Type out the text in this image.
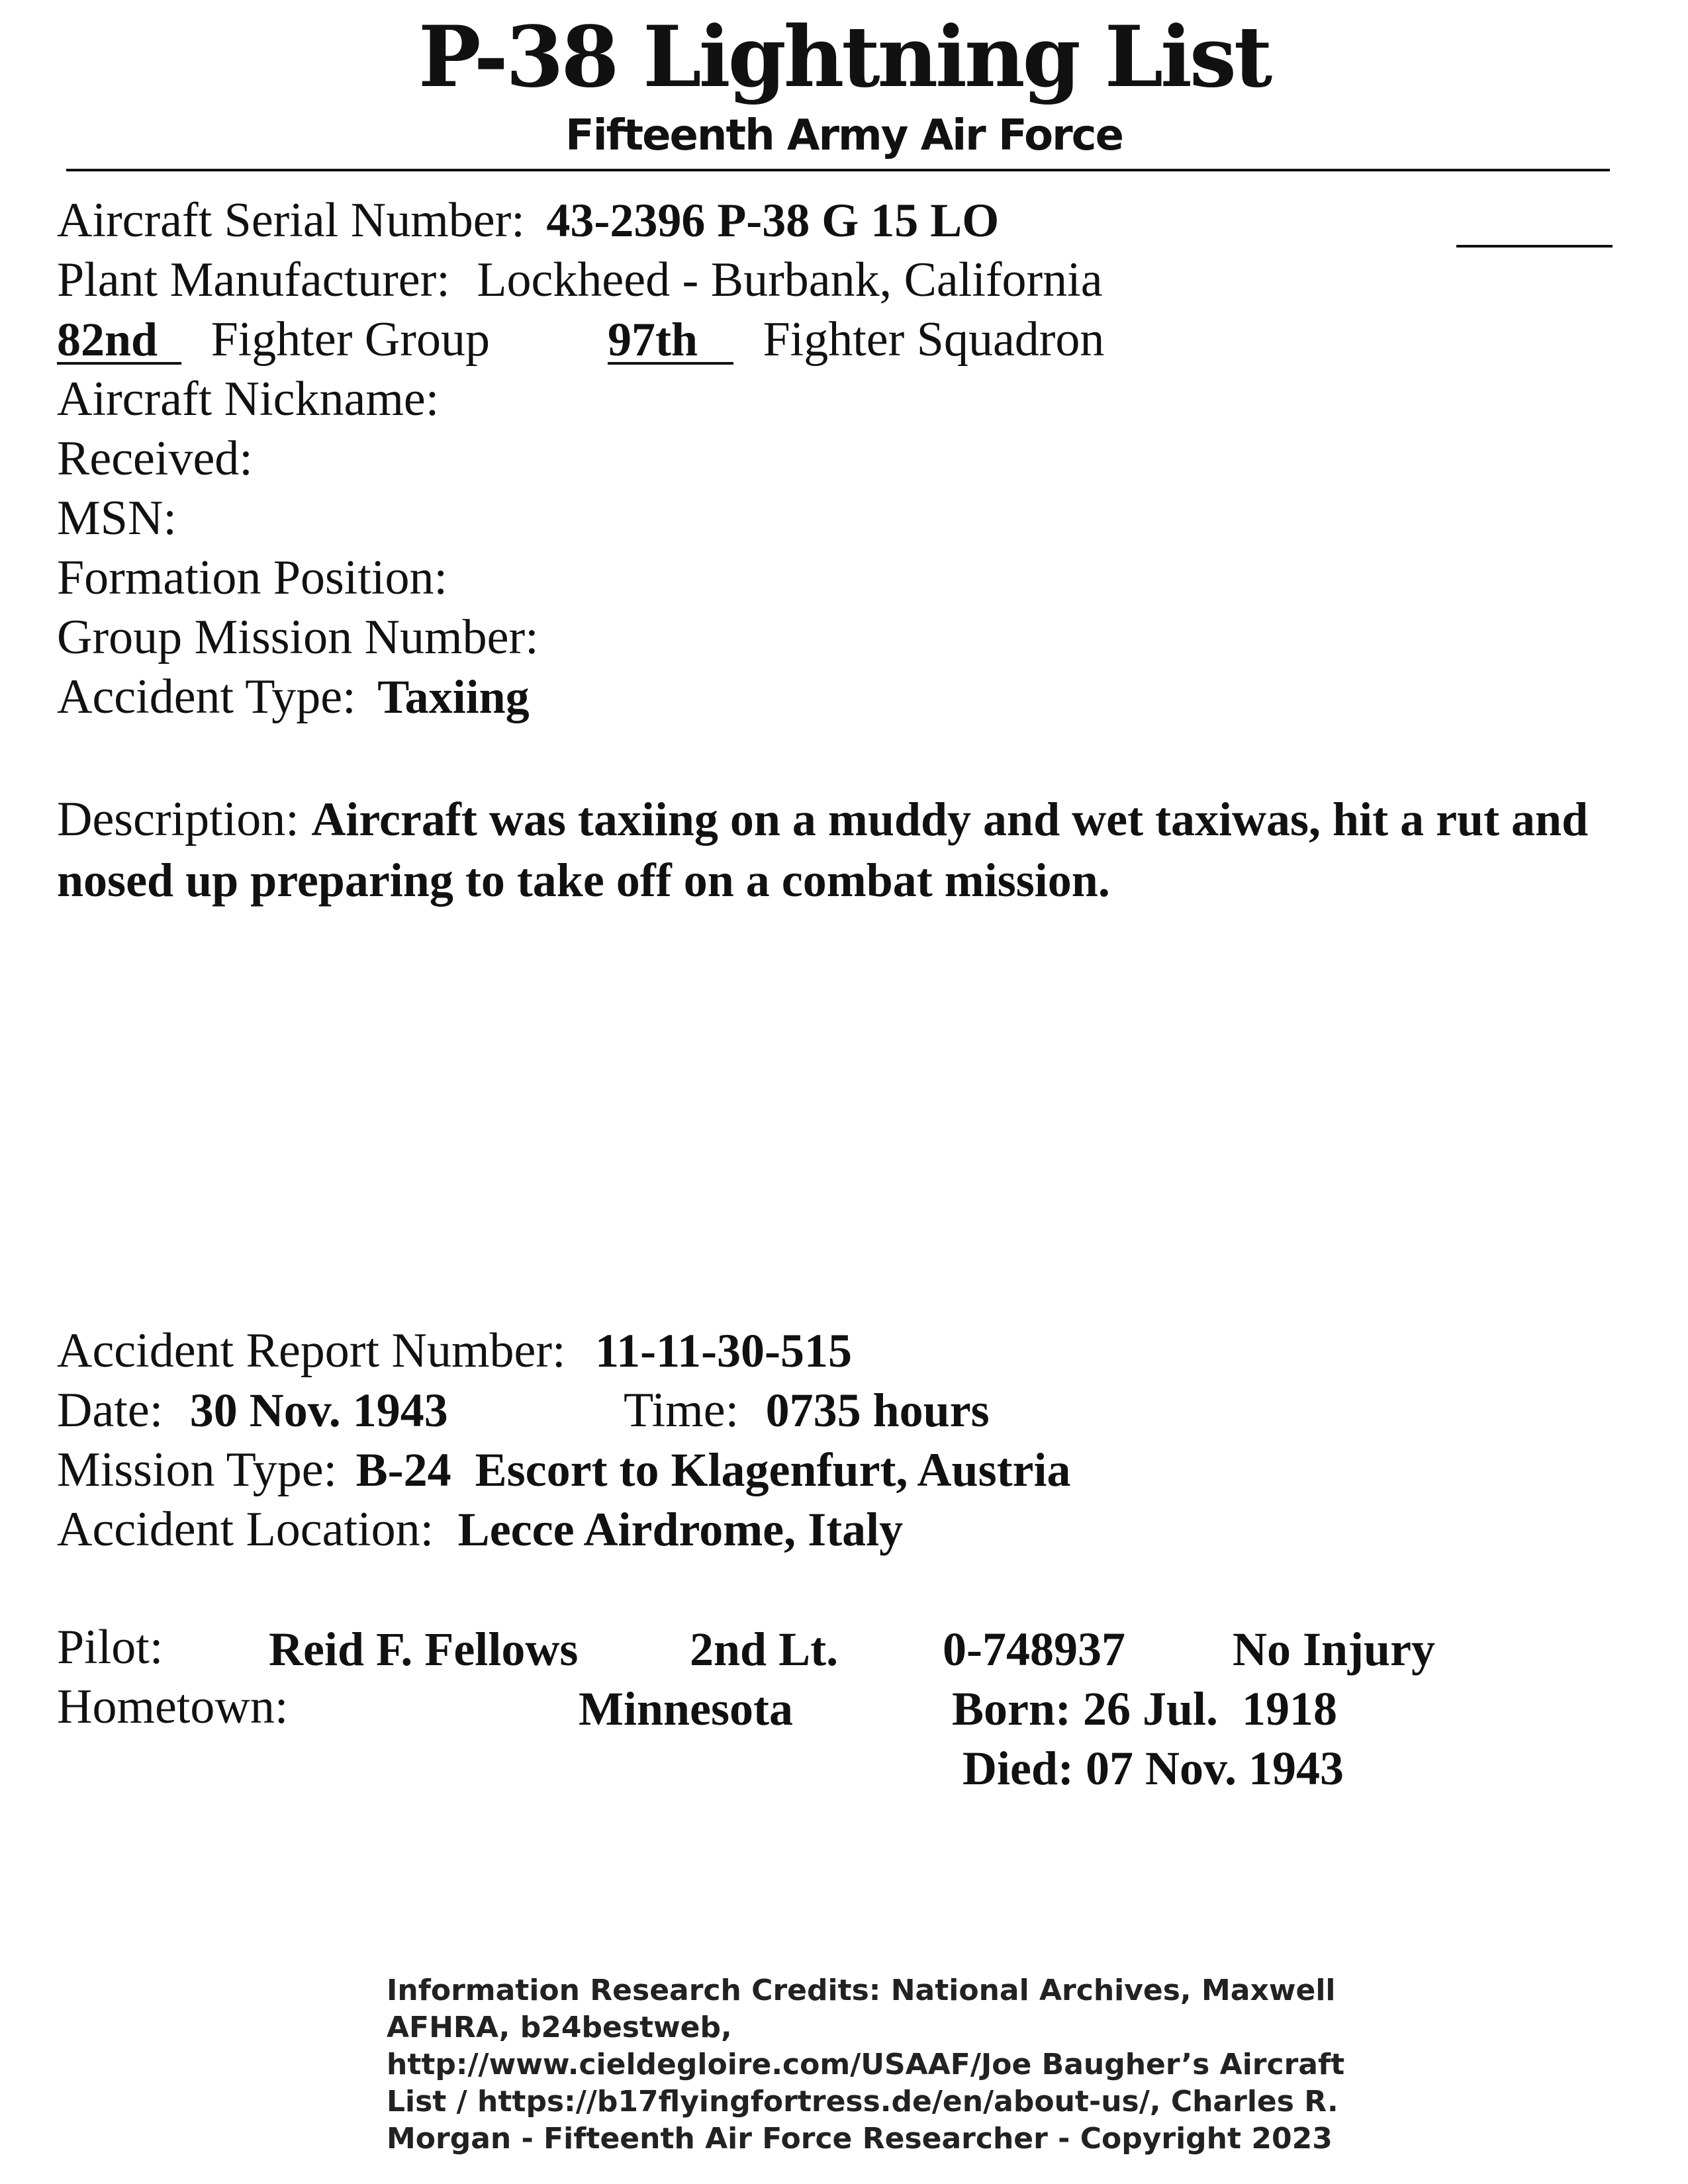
P-38 Lightning List
Fifteenth Army Air Force
Aircraft Serial Number: 43-2396 P-38 G 15 LO
Plant Manufacturer: Lockheed - Burbank, California
82nd Fighter Group 97th Fighter Squadron
Aircraft Nickname:
Received:
MSN:
Formation Position:
Group Mission Number:
Accident Type: Taxiing
Description: Aircraft was taxiing on a muddy and wet taxiwas, hit a rut and nosed up preparing to take off on a combat mission.
Accident Report Number: 11-11-30-515
Date: 30 Nov. 1943	Time: 0735 hours
Mission Type: B-24  Escort to Klagenfurt, Austria
Accident Location: Lecce Airdrome, Italy
Pilot: Reid F. Fellows 2nd Lt. 0-748937 No Injury
Hometown:	Minnesota	Born: 26 Jul.  1918
Died: 07 Nov. 1943
Information Research Credits: National Archives, Maxwell AFHRA, b24bestweb, http://www.cieldegloire.com/USAAF/Joe Baugher’s Aircraft List / https://b17flyingfortress.de/en/about-us/, Charles R. Morgan - Fifteenth Air Force Researcher - Copyright 2023
